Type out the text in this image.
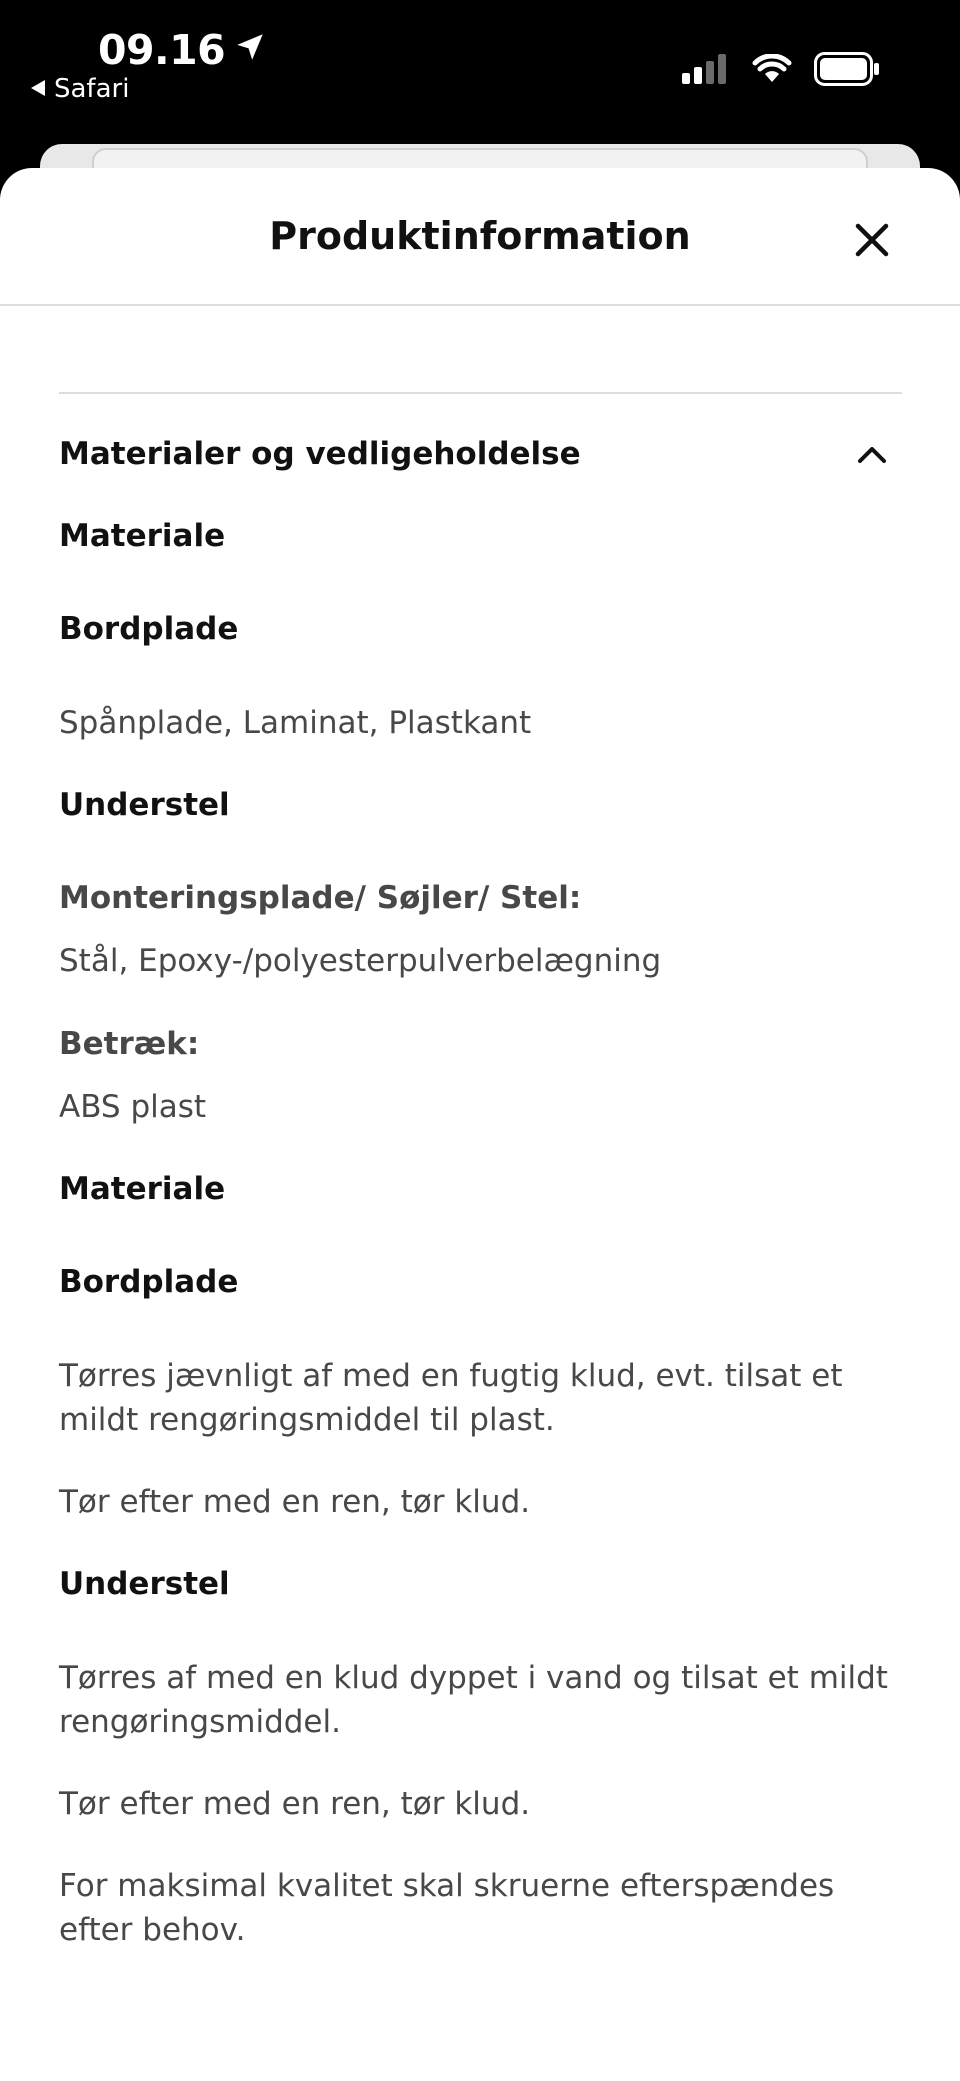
09.16
Safari
Produktinformation
Materialer og vedligeholdelse
Materiale
Bordplade
Spånplade, Laminat, Plastkant
Understel
Monteringsplade/ Søjler/ Stel:
Stål, Epoxy-/polyesterpulverbelægning
Betræk:
ABS plast
Materiale
Bordplade
Tørres jævnligt af med en fugtig klud, evt. tilsat et mildt rengøringsmiddel til plast.
Tør efter med en ren, tør klud.
Understel
Tørres af med en klud dyppet i vand og tilsat et mildt rengøringsmiddel.
Tør efter med en ren, tør klud.
For maksimal kvalitet skal skruerne efterspændes efter behov.
